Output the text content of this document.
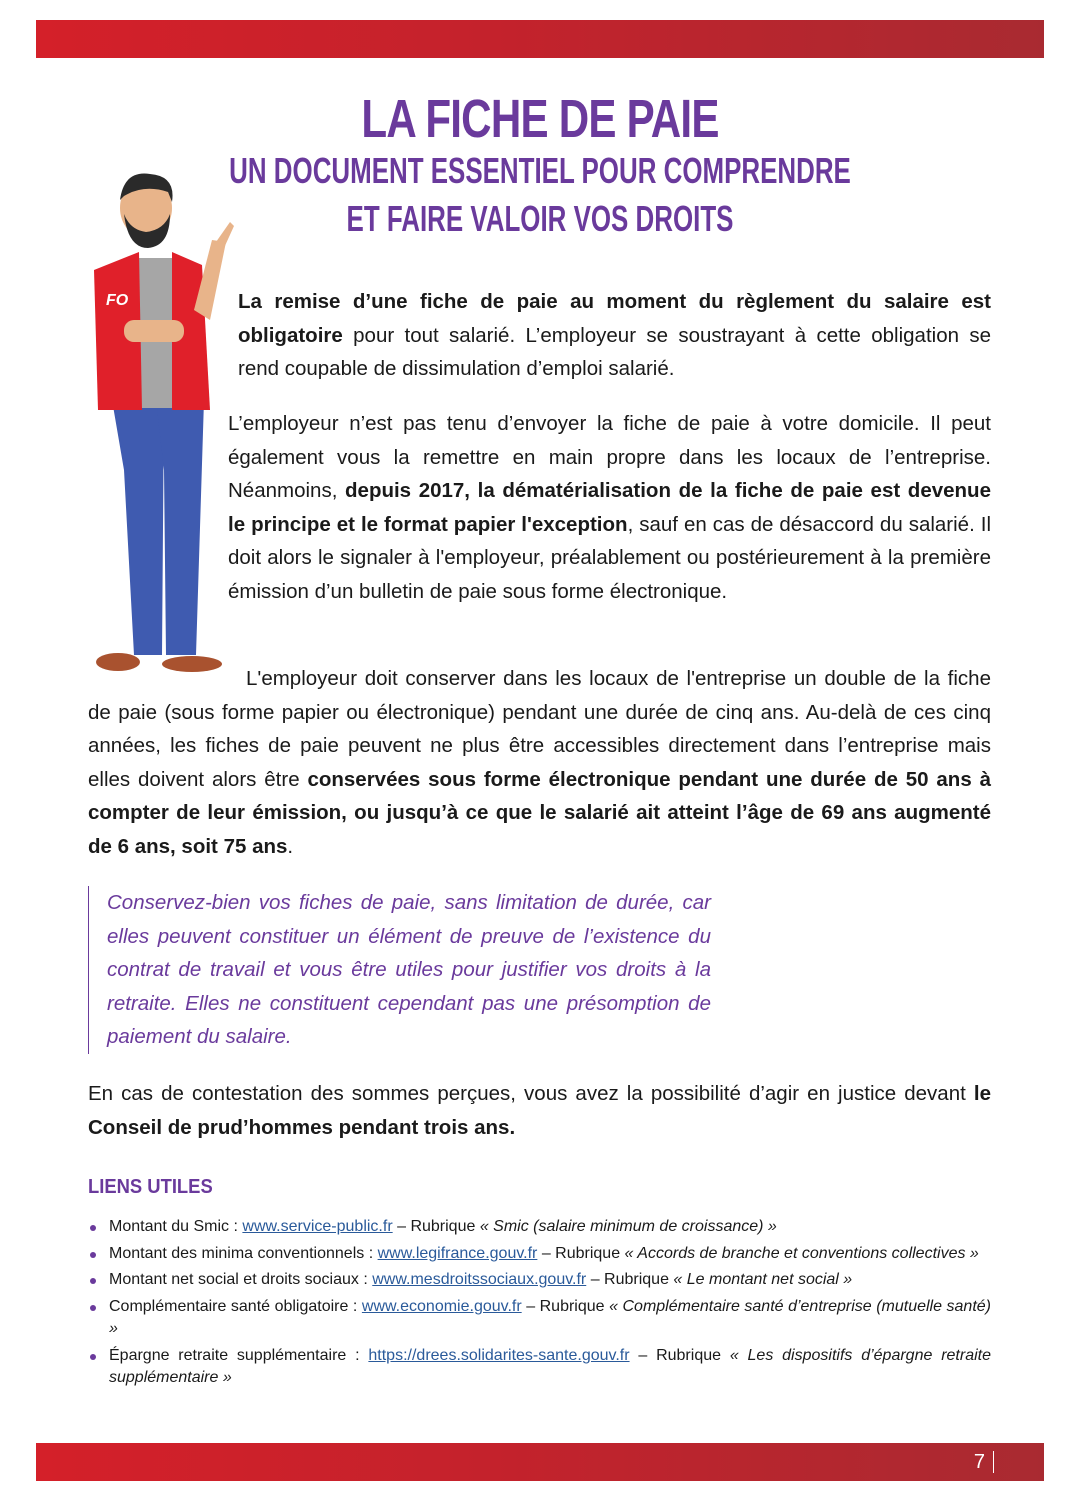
LA FICHE DE PAIE
UN DOCUMENT ESSENTIEL POUR COMPRENDRE
ET FAIRE VALOIR VOS DROITS
FO	La remise d’une fiche de paie au moment du règlement du salaire est obligatoire pour tout salarié. L’employeur se soustrayant à cette obligation se rend coupable de dissimulation d’emploi salarié.

L’employeur n’est pas tenu d’envoyer la fiche de paie à votre domicile. Il peut également vous la remettre en main propre dans les locaux de l’entreprise. Néanmoins, depuis 2017, la dématérialisation de la fiche de paie est devenue le principe et le format papier l'exception, sauf en cas de désaccord du salarié. Il doit alors le signaler à l'employeur, préalablement ou postérieurement à la première émission d’un bulletin de paie sous forme électronique.

L'employeur doit conserver dans les locaux de l'entreprise un double de la fiche de paie (sous forme papier ou électronique) pendant une durée de cinq ans. Au-delà de ces cinq années, les fiches de paie peuvent ne plus être accessibles directement dans l’entreprise mais elles doivent alors être conservées sous forme électronique pendant une durée de 50 ans à compter de leur émission, ou jusqu’à ce que le salarié ait atteint l’âge de 69 ans augmenté de 6 ans, soit 75 ans.

Conservez-bien vos fiches de paie, sans limitation de durée, car elles peuvent constituer un élément de preuve de l’existence du contrat de travail et vous être utiles pour justifier vos droits à la retraite. Elles ne constituent cependant pas une présomption de paiement du salaire.

En cas de contestation des sommes perçues, vous avez la possibilité d’agir en justice devant le Conseil de prud’hommes pendant trois ans.

LIENS UTILES
Montant du Smic : www.service-public.fr – Rubrique « Smic (salaire minimum de croissance) »
Montant des minima conventionnels : www.legifrance.gouv.fr – Rubrique « Accords de branche et conventions collectives »
Montant net social et droits sociaux : www.mesdroitssociaux.gouv.fr – Rubrique « Le montant net social »
Complémentaire santé obligatoire : www.economie.gouv.fr – Rubrique « Complémentaire santé d’entreprise (mutuelle santé) »
Épargne retraite supplémentaire : https://drees.solidarites-sante.gouv.fr – Rubrique « Les dispositifs d’épargne retraite supplémentaire »
7
